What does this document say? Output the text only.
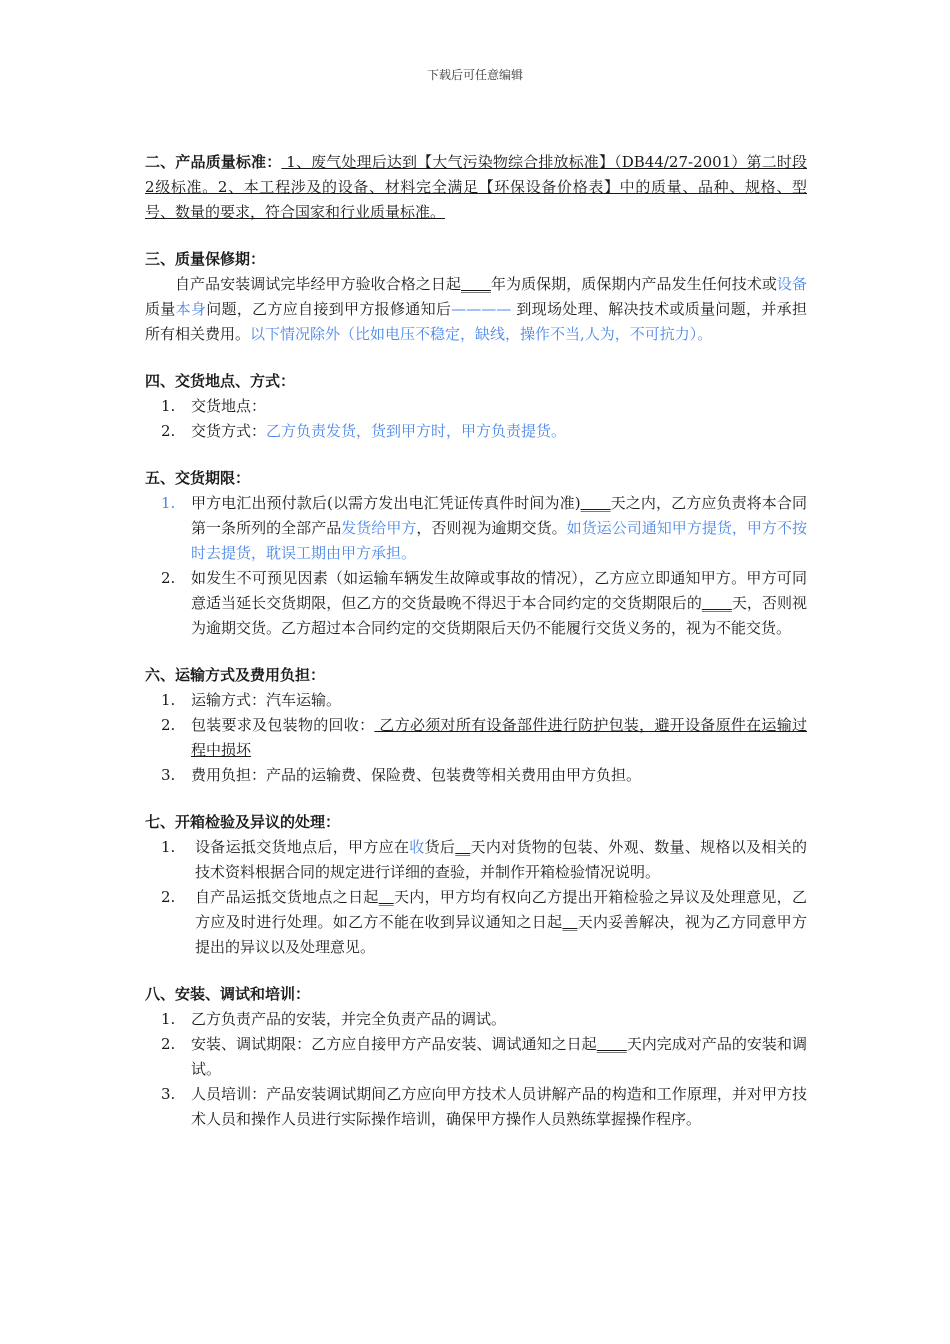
下载后可任意编辑

二、产品质量标准： 1、废气处理后达到【大气污染物综合排放标准】（DB44/27-2001）第二时段2级标准。2、本工程涉及的设备、材料完全满足【环保设备价格表】中的质量、品种、规格、型号、数量的要求，符合国家和行业质量标准。

三、质量保修期：

自产品安装调试完毕经甲方验收合格之日起____年为质保期，质保期内产品发生任何技术或设备质量本身问题，乙方应自接到甲方报修通知后———— 到现场处理、解决技术或质量问题，并承担所有相关费用。以下情况除外（比如电压不稳定，缺线，操作不当,人为，不可抗力）。

四、交货地点、方式：

1.	交货地点：
2.	交货方式：乙方负责发货，货到甲方时，甲方负责提货。

五、交货期限：

1.	甲方电汇出预付款后(以需方发出电汇凭证传真件时间为准)____天之内，乙方应负责将本合同第一条所列的全部产品发货给甲方，否则视为逾期交货。如货运公司通知甲方提货，甲方不按时去提货，耽误工期由甲方承担。
2.	如发生不可预见因素（如运输车辆发生故障或事故的情况），乙方应立即通知甲方。甲方可同意适当延长交货期限，但乙方的交货最晚不得迟于本合同约定的交货期限后的____天，否则视为逾期交货。乙方超过本合同约定的交货期限后天仍不能履行交货义务的，视为不能交货。

六、运输方式及费用负担：

1.	运输方式：汽车运输。
2.	包装要求及包装物的回收： 乙方必须对所有设备部件进行防护包装，避开设备原件在运输过程中损坏
3.	费用负担：产品的运输费、保险费、包装费等相关费用由甲方负担。

七、开箱检验及异议的处理：

1.	设备运抵交货地点后，甲方应在收货后__天内对货物的包装、外观、数量、规格以及相关的技术资料根据合同的规定进行详细的查验，并制作开箱检验情况说明。
2.	自产品运抵交货地点之日起__天内，甲方均有权向乙方提出开箱检验之异议及处理意见，乙方应及时进行处理。如乙方不能在收到异议通知之日起__天内妥善解决，视为乙方同意甲方提出的异议以及处理意见。

八、安装、调试和培训：

1.	乙方负责产品的安装，并完全负责产品的调试。
2.	安装、调试期限：乙方应自接甲方产品安装、调试通知之日起____天内完成对产品的安装和调试。
3.	人员培训：产品安装调试期间乙方应向甲方技术人员讲解产品的构造和工作原理，并对甲方技术人员和操作人员进行实际操作培训，确保甲方操作人员熟练掌握操作程序。
